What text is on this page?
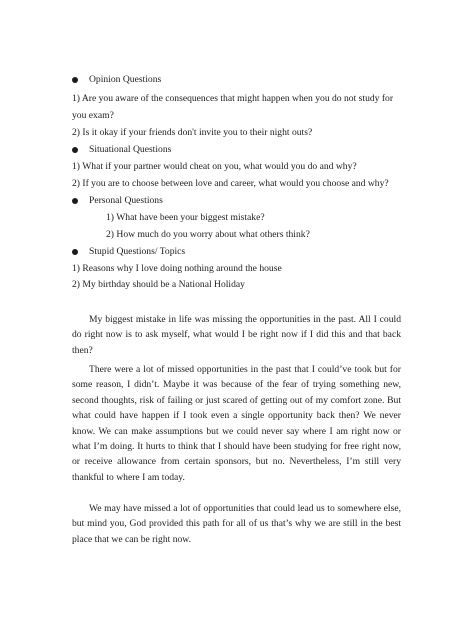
Opinion Questions
1) Are you aware of the consequences that might happen when you do not study for
you exam?
2) Is it okay if your friends don't invite you to their night outs?
Situational Questions
1) What if your partner would cheat on you, what would you do and why?
2) If you are to choose between love and career, what would you choose and why?
Personal Questions
1) What have been your biggest mistake?
2) How much do you worry about what others think?
Stupid Questions/ Topics
1) Reasons why I love doing nothing around the house
2) My birthday should be a National Holiday
My biggest mistake in life was missing the opportunities in the past. All I could do right now is to ask myself, what would I be right now if I did this and that back then?
There were a lot of missed opportunities in the past that I could’ve took but for some reason, I didn’t. Maybe it was because of the fear of trying something new, second thoughts, risk of failing or just scared of getting out of my comfort zone. But what could have happen if I took even a single opportunity back then? We never know. We can make assumptions but we could never say where I am right now or what I’m doing. It hurts to think that I should have been studying for free right now, or receive allowance from certain sponsors, but no. Nevertheless, I’m still very thankful to where I am today.
We may have missed a lot of opportunities that could lead us to somewhere else, but mind you, God provided this path for all of us that’s why we are still in the best place that we can be right now.
